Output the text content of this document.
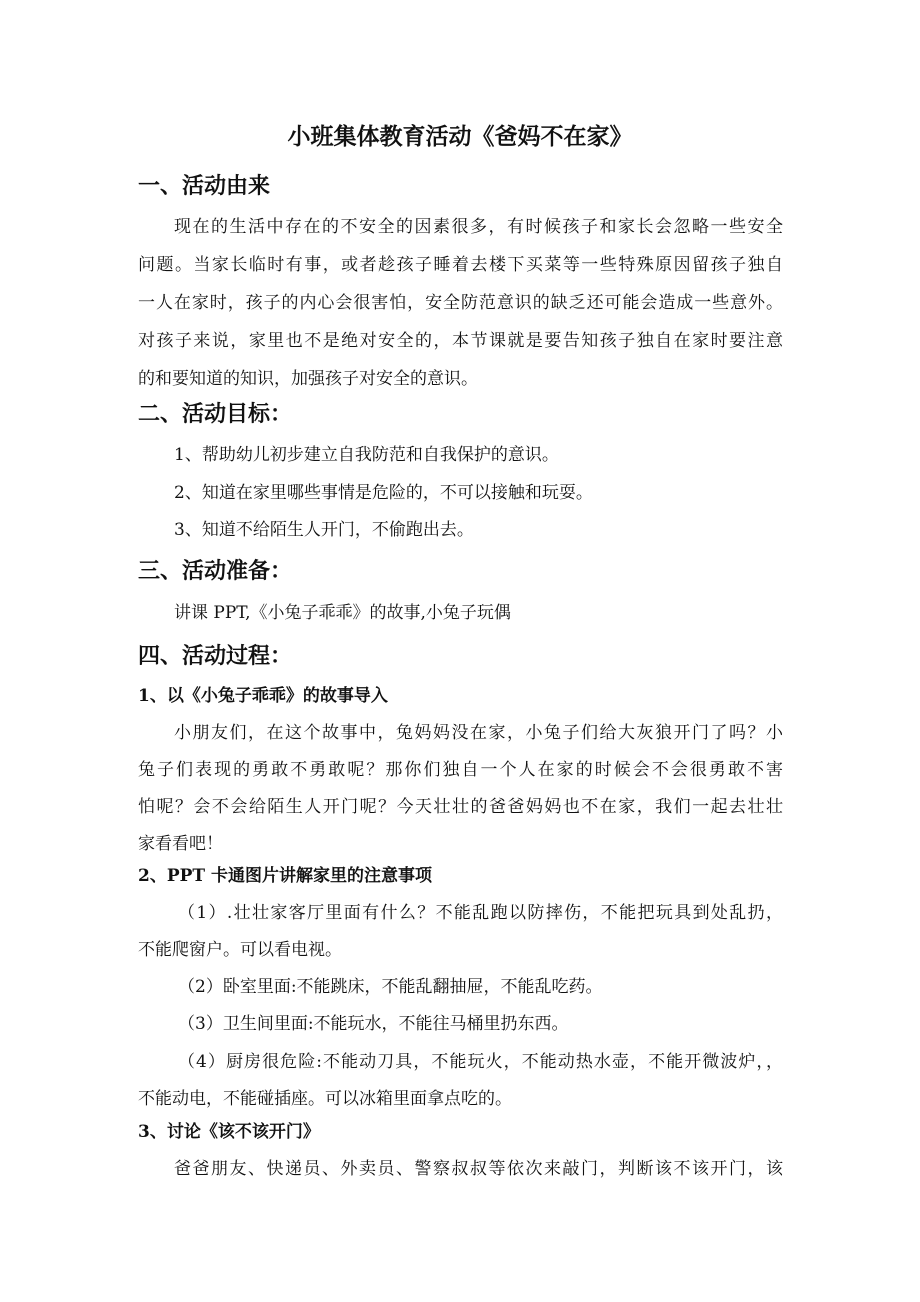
小班集体教育活动《爸妈不在家》
一、活动由来
现在的生活中存在的不安全的因素很多，有时候孩子和家长会忽略一些安全
问题。当家长临时有事，或者趁孩子睡着去楼下买菜等一些特殊原因留孩子独自
一人在家时，孩子的内心会很害怕，安全防范意识的缺乏还可能会造成一些意外。
对孩子来说，家里也不是绝对安全的，本节课就是要告知孩子独自在家时要注意
的和要知道的知识，加强孩子对安全的意识。
二、活动目标：
1、帮助幼儿初步建立自我防范和自我保护的意识。
2、知道在家里哪些事情是危险的，不可以接触和玩耍。
3、知道不给陌生人开门，不偷跑出去。
三、活动准备：
讲课 PPT,《小兔子乖乖》的故事,小兔子玩偶
四、活动过程：
1、以《小兔子乖乖》的故事导入
小朋友们，在这个故事中，兔妈妈没在家，小兔子们给大灰狼开门了吗？小
兔子们表现的勇敢不勇敢呢？那你们独自一个人在家的时候会不会很勇敢不害
怕呢？会不会给陌生人开门呢？今天壮壮的爸爸妈妈也不在家，我们一起去壮壮
家看看吧！
2、PPT 卡通图片讲解家里的注意事项
（1）.壮壮家客厅里面有什么？不能乱跑以防摔伤，不能把玩具到处乱扔，
不能爬窗户。可以看电视。
（2）卧室里面:不能跳床，不能乱翻抽屉，不能乱吃药。
（3）卫生间里面:不能玩水，不能往马桶里扔东西。
（4）厨房很危险:不能动刀具，不能玩火，不能动热水壶，不能开微波炉，，
不能动电，不能碰插座。可以冰箱里面拿点吃的。
3、讨论《该不该开门》
爸爸朋友、快递员、外卖员、警察叔叔等依次来敲门，判断该不该开门，该
